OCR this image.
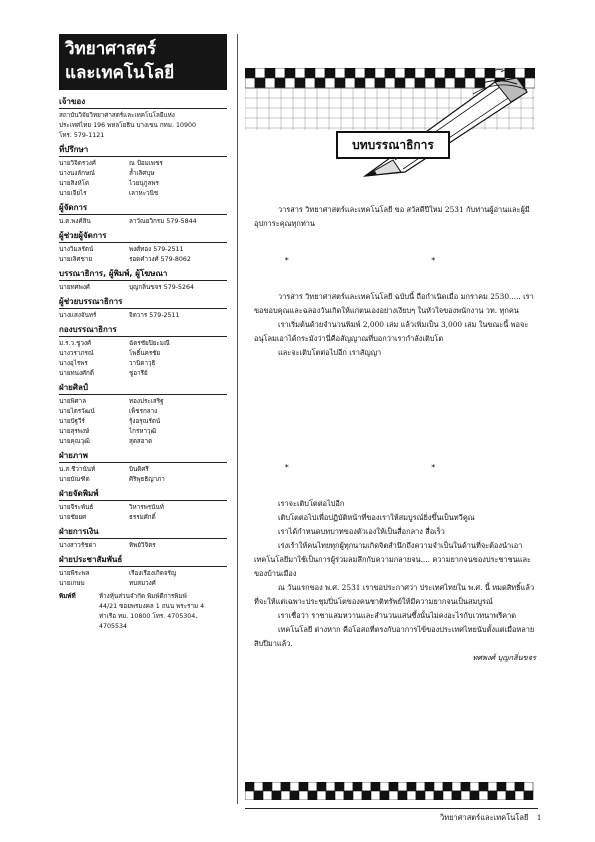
วิทยาศาสตร์
และเทคโนโลยี
เจ้าของ
สถาบันวิจัยวิทยาศาสตร์และเทคโนโลยีแห่ง
ประเทศไทย 196 พหลโยธิน บางเขน กทม. 10900
โทร. 579-1121
ที่ปรึกษา
นายวิจิตรวงศ์	ณ ป้อมเพชร
นางนงลักษณ์	ล้ำเลิศบุษ
นายสิงห์โต	ไวยนุกูลพร
นายเจียไร	เลาหะวนิช
ผู้จัดการ
น.ต.พงศ์สิน	ลาวัณยวิกรม 579-5844
ผู้ช่วยผู้จัดการ
นางวิมลรัตน์	พงศ์ทอง 579-2511
นายเลิศชาย	รอดคำวงศ์ 579-8062
บรรณาธิการ, ผู้พิมพ์, ผู้โฆษณา
นายทศพงศ์	บุญกลิ่นขจร 579-5264
ผู้ช่วยบรรณาธิการ
นางแสงจันทร์	จิตวาร 579-2511
กองบรรณาธิการ
ม.ร.ว.ชูวงศ์	ฉัตรชัยปิยะมณี
นางวราภรณ์	โพธิ์นครชัย
นางอุไรพร	วานิตาวุธิ
นายทนงศักดิ์	ชูอารีย์
ฝ่ายศิลป์
นายพิศาล	ทองประเสริฐ
นายไตรวัฒน์	เพ็ชรกลาง
นายปัฐวีร์	รุ้งอรุณรัตน์
นายสุรพงษ์	ไกรหาวุฒิ
นายคุณวุฒิ	สุดสอาด
ฝ่ายภาพ
น.ส.ชีวานันท์	บินดิศรี
นายบัณฑิต	ศิริพุธธิญาภา
ฝ่ายจัดพิมพ์
นายจีระพันธ์	วิหารพรนันท์
นายชัยยศ	ธรรมศักดิ์
ฝ่ายการเงิน
นางสาวรัชดา	ทิพย์วิจิตร
ฝ่ายประชาสัมพันธ์
นายพีระพล	เรืองเรืองเกิดจรัญ
นายเกษม	ทบสมวงศ์
พิมพ์ที่	ห้างหุ้นส่วนจำกัด พิมพ์ดีการพิมพ์
44/21 ซอยพรมงคล 1 ถนน พระราม 4
ท่าเรือ ทม. 10800 โทร. 4705304,
4705534
บทบรรณาธิการ

วารสาร วิทยาศาสตร์และเทคโนโลยี ขอ สวัสดีปีใหม่ 2531 กับท่านผู้อ่านและผู้มีอุปการะคุณทุกท่าน

* *

วารสาร วิทยาศาสตร์และเทคโนโลยี ฉบับนี้ ถือกำเนิดเมื่อ มกราคม 2530..... เราขอขอบคุณและฉลองวันเกิดให้แก่ตนเองอย่างเงียบๆ ในหัวใจของพนักงาน วท. ทุกคน

เราเริ่มต้นด้วยจำนวนพิมพ์ 2,000 เล่ม แล้วเพิ่มเป็น 3,000 เล่ม ในขณะนี้ พอจะอนุโลมเอาได้กระมังว่านี่คือสัญญาณที่บอกว่าเรากำลังเติบโต

และจะเติบโตต่อไปอีก เราสัญญา

* *

เราจะเติบโตต่อไปอีก

เติบโตต่อไปเพื่อปฏิบัติหน้าที่ของเราให้สมบูรณ์ยิ่งขึ้นเป็นทวีคูณ

เราได้กำหนดบทบาทของตัวเองให้เป็นสื่อกลาง สื่อเร็ว

เร่งเร้าให้คนไทยทุกผู้ทุกนามเกิดจิตสำนึกถึงความจำเป็นในด้านที่จะต้องนำเอาเทคโนโลยีมาใช้เป็นการผู้ร่วมลมลึกกับความกลายจน.... ความยากจนของประชาชนและของบ้านเมือง

ณ วันแรกของ พ.ศ. 2531 เราขอประกาศว่า ประเทศไทยใน พ.ศ. นี้ หมดสิทธิ์แล้วที่จะให้แต่เฉพาะประชุมปิ่นโตของคนชาติทรัพย์ให้มีความยากจนเป็นสมบูรณ์

เราเชื่อว่า ราชาแสมหวานและสำนวนแสนซึ้งนั้นไม่คงอะไรกับเวทนาพรีคาด

เทคโนโลยี ต่างหาก คือโอสถที่ตรงกับอาการไข้ของประเทศไทยนับตั้งแต่เมื่อหลายสิบปีมาแล้ว.

ทศพงศ์ บุญกลิ่นขจร

วิทยาศาสตร์และเทคโนโลยี 1
